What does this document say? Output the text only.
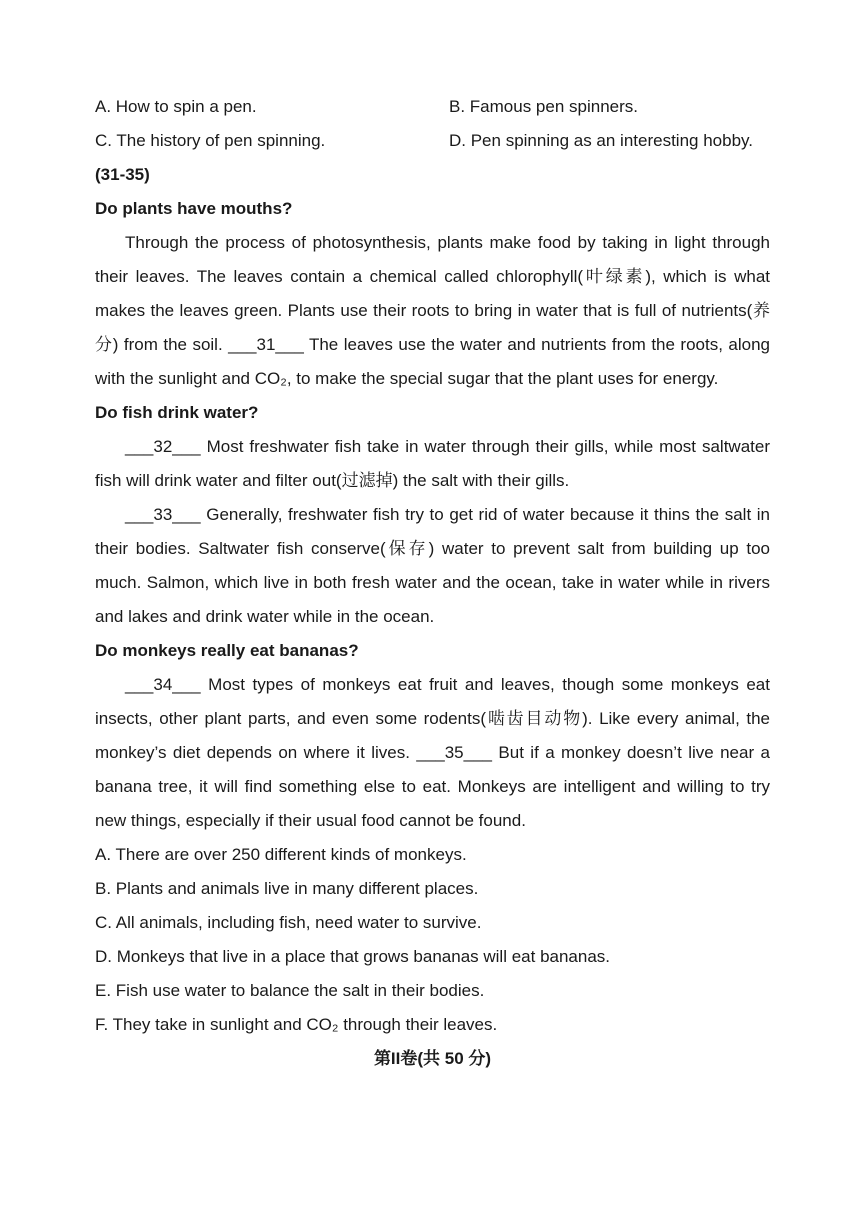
A. How to spin a pen.	B. Famous pen spinners.
C. The history of pen spinning.	D. Pen spinning as an interesting hobby.

(31-35)

Do plants have mouths?

Through the process of photosynthesis, plants make food by taking in light through their leaves. The leaves contain a chemical called chlorophyll(叶绿素), which is what makes the leaves green. Plants use their roots to bring in water that is full of nutrients(养分) from the soil. ___31___ The leaves use the water and nutrients from the roots, along with the sunlight and CO₂, to make the special sugar that the plant uses for energy.

Do fish drink water?

___32___ Most freshwater fish take in water through their gills, while most saltwater fish will drink water and filter out(过滤掉) the salt with their gills.

___33___ Generally, freshwater fish try to get rid of water because it thins the salt in their bodies. Saltwater fish conserve(保存) water to prevent salt from building up too much. Salmon, which live in both fresh water and the ocean, take in water while in rivers and lakes and drink water while in the ocean.

Do monkeys really eat bananas?

___34___ Most types of monkeys eat fruit and leaves, though some monkeys eat insects, other plant parts, and even some rodents(啮齿目动物). Like every animal, the monkey’s diet depends on where it lives. ___35___ But if a monkey doesn’t live near a banana tree, it will find something else to eat. Monkeys are intelligent and willing to try new things, especially if their usual food cannot be found.

A. There are over 250 different kinds of monkeys.

B. Plants and animals live in many different places.

C. All animals, including fish, need water to survive.

D. Monkeys that live in a place that grows bananas will eat bananas.

E. Fish use water to balance the salt in their bodies.

F. They take in sunlight and CO₂ through their leaves.

第II卷(共 50 分)
